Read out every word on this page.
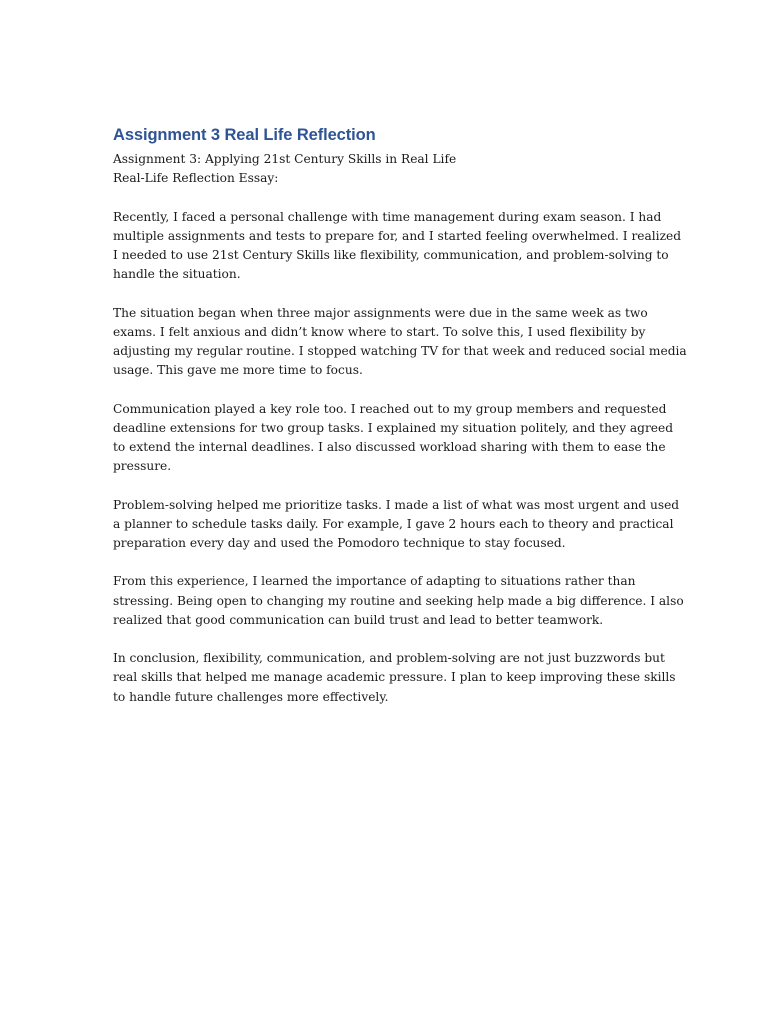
Assignment 3 Real Life Reflection

Assignment 3: Applying 21st Century Skills in Real Life

Real-Life Reflection Essay:

Recently, I faced a personal challenge with time management during exam season. I had
multiple assignments and tests to prepare for, and I started feeling overwhelmed. I realized
I needed to use 21st Century Skills like flexibility, communication, and problem-solving to
handle the situation.
The situation began when three major assignments were due in the same week as two
exams. I felt anxious and didn’t know where to start. To solve this, I used flexibility by
adjusting my regular routine. I stopped watching TV for that week and reduced social media
usage. This gave me more time to focus.
Communication played a key role too. I reached out to my group members and requested
deadline extensions for two group tasks. I explained my situation politely, and they agreed
to extend the internal deadlines. I also discussed workload sharing with them to ease the
pressure.
Problem-solving helped me prioritize tasks. I made a list of what was most urgent and used
a planner to schedule tasks daily. For example, I gave 2 hours each to theory and practical
preparation every day and used the Pomodoro technique to stay focused.
From this experience, I learned the importance of adapting to situations rather than
stressing. Being open to changing my routine and seeking help made a big difference. I also
realized that good communication can build trust and lead to better teamwork.
In conclusion, flexibility, communication, and problem-solving are not just buzzwords but
real skills that helped me manage academic pressure. I plan to keep improving these skills
to handle future challenges more effectively.
